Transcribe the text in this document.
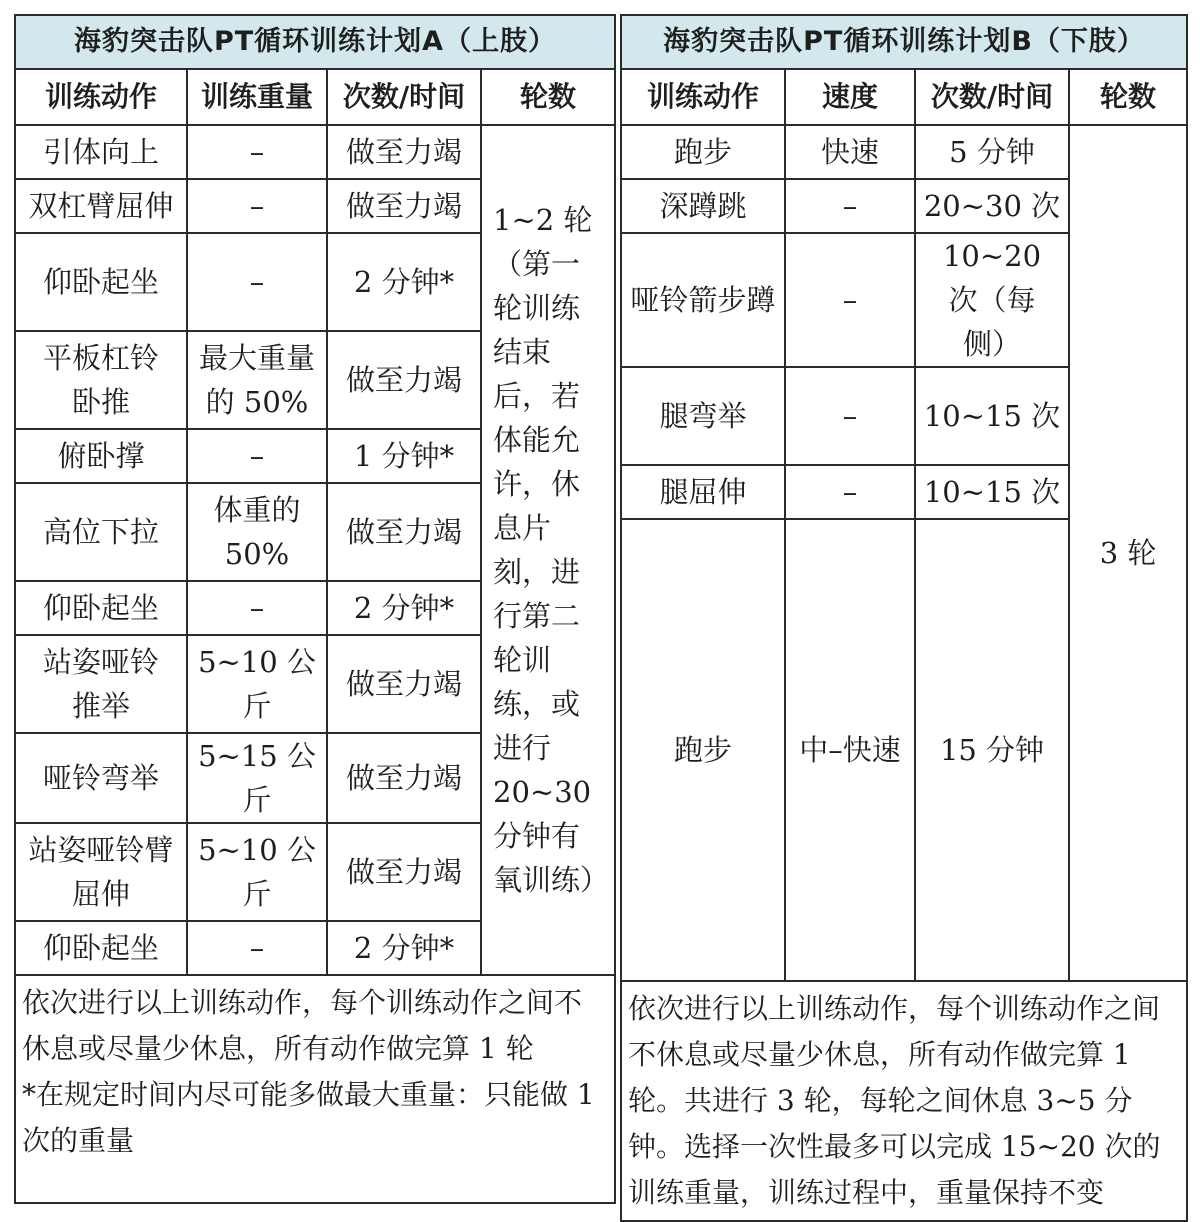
海豹突击队PT循环训练计划A（上肢）			
训练动作	训练重量	次数/时间	轮数
引体向上	–	做至力竭	1~2 轮（第一轮训练结束后，若体能允许，休息片刻，进行第二轮训练，或进行20~30分钟有氧训练）
双杠臂屈伸	–	做至力竭	
仰卧起坐	–	2 分钟*	
平板杠铃卧推	最大重量的 50%	做至力竭	
俯卧撑	–	1 分钟*	
高位下拉	体重的 50%	做至力竭	
仰卧起坐	–	2 分钟*	
站姿哑铃推举	5~10 公斤	做至力竭	
哑铃弯举	5~15 公斤	做至力竭	
站姿哑铃臂屈伸	5~10 公斤	做至力竭	
仰卧起坐	–	2 分钟*	

依次进行以上训练动作，每个训练动作之间不休息或尽量少休息，所有动作做完算 1 轮
*在规定时间内尽可能多做最大重量：只能做 1 次的重量			
海豹突击队PT循环训练计划B（下肢）			
训练动作	速度	次数/时间	轮数
跑步	快速	5 分钟	3 轮
深蹲跳	–	20~30 次	
哑铃箭步蹲	–	10~20 次（每侧）	
腿弯举	–	10~15 次	
腿屈伸	–	10~15 次	
跑步	中–快速	15 分钟	
依次进行以上训练动作，每个训练动作之间不休息或尽量少休息，所有动作做完算 1 轮。共进行 3 轮，每轮之间休息 3~5 分钟。选择一次性最多可以完成 15~20 次的训练重量，训练过程中，重量保持不变			
